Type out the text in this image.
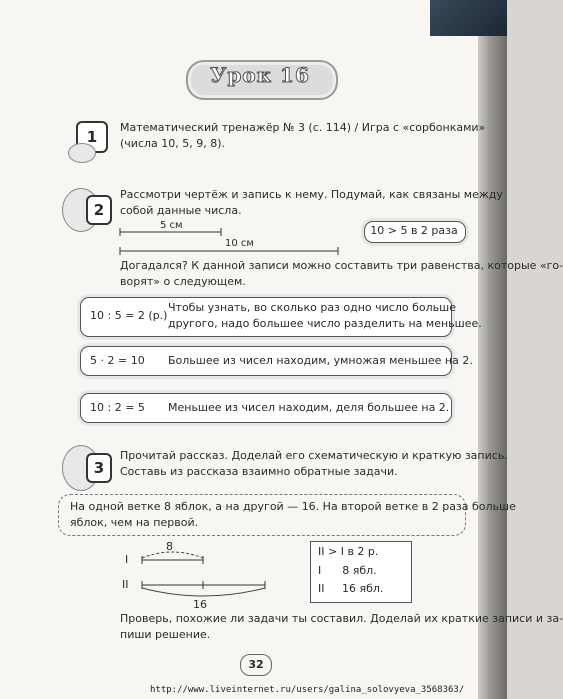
Урок 16
1
Математический тренажёр № 3 (с. 114) / Игра с «сорбонками»
(числа 10, 5, 9, 8).
2
Рассмотри чертёж и запись к нему. Подумай, как связаны между
собой данные числа.
5 см
10 см
10 > 5 в 2 раза
Догадался? К данной записи можно составить три равенства, которые «го-
ворят» о следующем.
10 : 5 = 2 (р.)
Чтобы узнать, во сколько раз одно число больше
другого, надо большее число разделить на меньшее.
5 · 2 = 10 Большее из чисел находим, умножая меньшее на 2.
10 : 2 = 5 Меньшее из чисел находим, деля большее на 2.
3
Прочитай рассказ. Доделай его схематическую и краткую запись.
Составь из рассказа взаимно обратные задачи.
На одной ветке 8 яблок, а на другой — 16. На второй ветке в 2 раза больше
яблок, чем на первой.
I
II
8
16
II > I в 2 р.
I      8 ябл.
II     16 ябл.
Проверь, похожие ли задачи ты составил. Доделай их краткие записи и за-
пиши решение.
32
http://www.liveinternet.ru/users/galina_solovyeva_3568363/
